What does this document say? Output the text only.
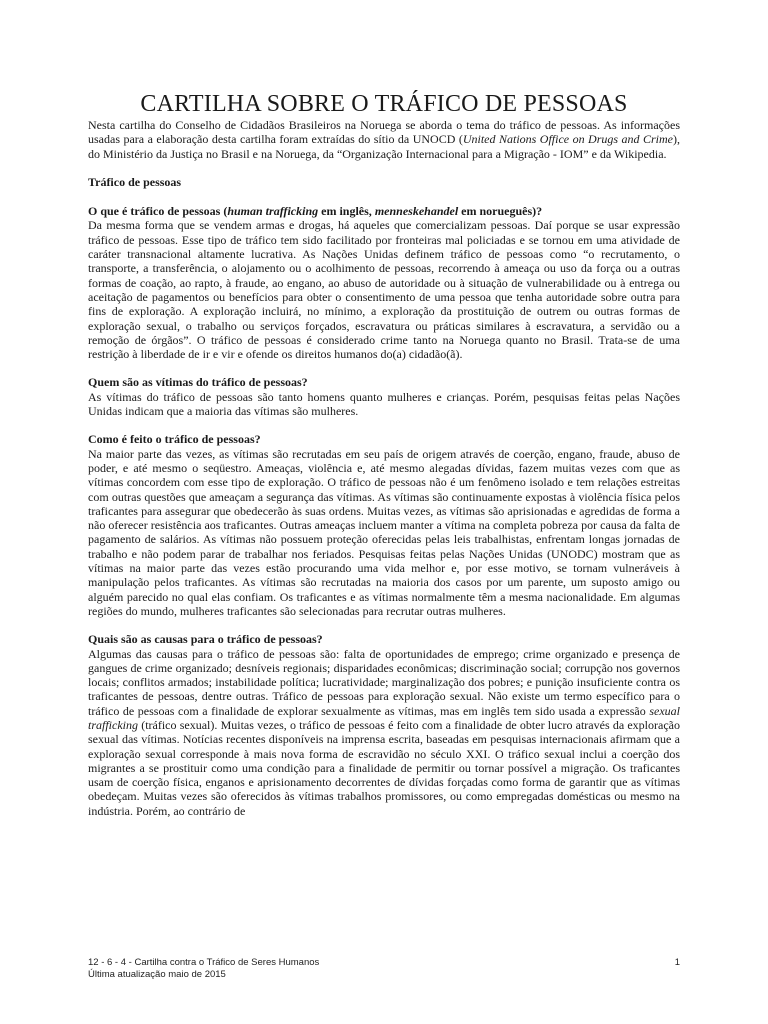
CARTILHA SOBRE O TRÁFICO DE PESSOAS

Nesta cartilha do Conselho de Cidadãos Brasileiros na Noruega se aborda o tema do tráfico de pessoas. As informações usadas para a elaboração desta cartilha foram extraídas do sítio da UNOCD (United Nations Office on Drugs and Crime), do Ministério da Justiça no Brasil e na Noruega, da “Organização Internacional para a Migração - IOM” e da Wikipedia.

Tráfico de pessoas
O que é tráfico de pessoas (human trafficking em inglês, menneskehandel em norueguês)?

Da mesma forma que se vendem armas e drogas, há aqueles que comercializam pessoas. Daí porque se usar expressão tráfico de pessoas. Esse tipo de tráfico tem sido facilitado por fronteiras mal policiadas e se tornou em uma atividade de caráter transnacional altamente lucrativa. As Nações Unidas definem tráfico de pessoas como “o recrutamento, o transporte, a transferência, o alojamento ou o acolhimento de pessoas, recorrendo à ameaça ou uso da força ou a outras formas de coação, ao rapto, à fraude, ao engano, ao abuso de autoridade ou à situação de vulnerabilidade ou à entrega ou aceitação de pagamentos ou benefícios para obter o consentimento de uma pessoa que tenha autoridade sobre outra para fins de exploração. A exploração incluirá, no mínimo, a exploração da prostituição de outrem ou outras formas de exploração sexual, o trabalho ou serviços forçados, escravatura ou práticas similares à escravatura, a servidão ou a remoção de órgãos”. O tráfico de pessoas é considerado crime tanto na Noruega quanto no Brasil. Trata-se de uma restrição à liberdade de ir e vir e ofende os direitos humanos do(a) cidadão(ã).

Quem são as vítimas do tráfico de pessoas?

As vítimas do tráfico de pessoas são tanto homens quanto mulheres e crianças. Porém, pesquisas feitas pelas Nações Unidas indicam que a maioria das vítimas são mulheres.

Como é feito o tráfico de pessoas?

Na maior parte das vezes, as vítimas são recrutadas em seu país de origem através de coerção, engano, fraude, abuso de poder, e até mesmo o seqüestro. Ameaças, violência e, até mesmo alegadas dívidas, fazem muitas vezes com que as vítimas concordem com esse tipo de exploração. O tráfico de pessoas não é um fenômeno isolado e tem relações estreitas com outras questões que ameaçam a segurança das vítimas. As vítimas são continuamente expostas à violência física pelos traficantes para assegurar que obedecerão às suas ordens. Muitas vezes, as vítimas são aprisionadas e agredidas de forma a não oferecer resistência aos traficantes. Outras ameaças incluem manter a vítima na completa pobreza por causa da falta de pagamento de salários. As vítimas não possuem proteção oferecidas pelas leis trabalhistas, enfrentam longas jornadas de trabalho e não podem parar de trabalhar nos feriados. Pesquisas feitas pelas Nações Unidas (UNODC) mostram que as vítimas na maior parte das vezes estão procurando uma vida melhor e, por esse motivo, se tornam vulneráveis à manipulação pelos traficantes. As vítimas são recrutadas na maioria dos casos por um parente, um suposto amigo ou alguém parecido no qual elas confiam. Os traficantes e as vítimas normalmente têm a mesma nacionalidade. Em algumas regiões do mundo, mulheres traficantes são selecionadas para recrutar outras mulheres.

Quais são as causas para o tráfico de pessoas?

Algumas das causas para o tráfico de pessoas são: falta de oportunidades de emprego; crime organizado e presença de gangues de crime organizado; desníveis regionais; disparidades econômicas; discriminação social; corrupção nos governos locais; conflitos armados; instabilidade política; lucratividade; marginalização dos pobres; e punição insuficiente contra os traficantes de pessoas, dentre outras. Tráfico de pessoas para exploração sexual. Não existe um termo específico para o tráfico de pessoas com a finalidade de explorar sexualmente as vítimas, mas em inglês tem sido usada a expressão sexual trafficking (tráfico sexual). Muitas vezes, o tráfico de pessoas é feito com a finalidade de obter lucro através da exploração sexual das vítimas. Notícias recentes disponíveis na imprensa escrita, baseadas em pesquisas internacionais afirmam que a exploração sexual corresponde à mais nova forma de escravidão no século XXI. O tráfico sexual inclui a coerção dos migrantes a se prostituir como uma condição para a finalidade de permitir ou tornar possível a migração. Os traficantes usam de coerção física, enganos e aprisionamento decorrentes de dívidas forçadas como forma de garantir que as vítimas obedeçam. Muitas vezes são oferecidos às vítimas trabalhos promissores, ou como empregadas domésticas ou mesmo na indústria. Porém, ao contrário de

12 - 6 - 4 - Cartilha contra o Tráfico de Seres Humanos
Última atualização maio de 2015
1
